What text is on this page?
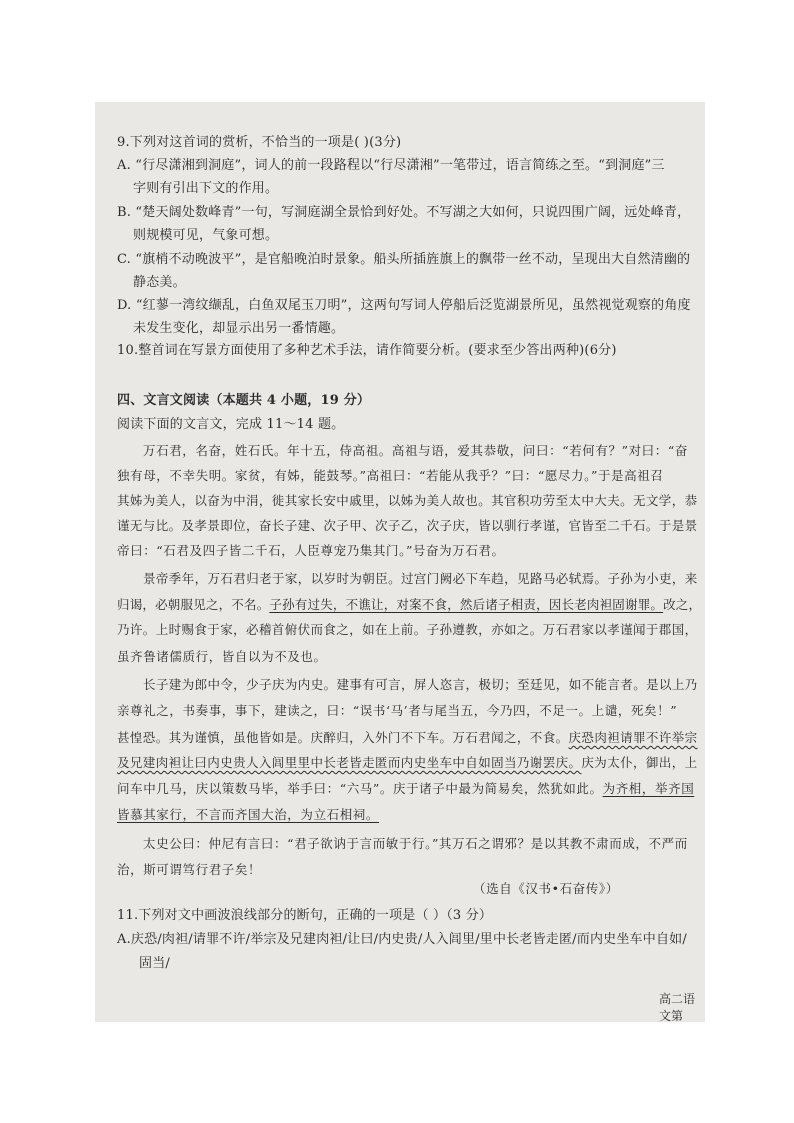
9.下列对这首词的赏析，不恰当的一项是( )(3分)
A. “行尽潇湘到洞庭”，词人的前一段路程以“行尽潇湘”一笔带过，语言简练之至。“到洞庭”三
字则有引出下文的作用。
B. “楚天阔处数峰青”一句，写洞庭湖全景恰到好处。不写湖之大如何，只说四围广阔，远处峰青，
则规模可见，气象可想。
C. “旗梢不动晚波平”，是官船晚泊时景象。船头所插旌旗上的飘带一丝不动，呈现出大自然清幽的
静态美。
D. “红蓼一湾纹缬乱，白鱼双尾玉刀明”，这两句写词人停船后泛览湖景所见，虽然视觉观察的角度
未发生变化，却显示出另一番情趣。
10.整首词在写景方面使用了多种艺术手法，请作简要分析。(要求至少答出两种)(6分)
四、文言文阅读（本题共 4 小题，19 分）
阅读下面的文言文，完成 11～14 题。
万石君，名奋，姓石氏。年十五，侍高祖。高祖与语，爱其恭敬，问曰：“若何有？”对曰：“奋
独有母，不幸失明。家贫，有姊，能鼓琴。”高祖曰：“若能从我乎？”曰：“愿尽力。”于是高祖召
其姊为美人，以奋为中涓，徙其家长安中戚里，以姊为美人故也。其官积功劳至太中大夫。无文学，恭
谨无与比。及孝景即位，奋长子建、次子甲、次子乙，次子庆，皆以驯行孝谨，官皆至二千石。于是景
帝曰：“石君及四子皆二千石，人臣尊宠乃集其门。”号奋为万石君。
景帝季年，万石君归老于家，以岁时为朝臣。过宫门阙必下车趋，见路马必轼焉。子孙为小吏，来
归谒，必朝服见之，不名。子孙有过失，不谯让，对案不食，然后诸子相责，因长老肉袒固谢罪。改之，
乃许。上时赐食于家，必稽首俯伏而食之，如在上前。子孙遵教，亦如之。万石君家以孝谨闻于郡国，
虽齐鲁诸儒质行，皆自以为不及也。
长子建为郎中令，少子庆为内史。建事有可言，屏人恣言，极切；至廷见，如不能言者。是以上乃
亲尊礼之，书奏事，事下，建读之，曰：“误书‘马’者与尾当五，今乃四，不足一。上谴，死矣！”
甚惶恐。其为谨慎，虽他皆如是。庆醉归，入外门不下车。万石君闻之，不食。庆恐肉袒请罪不许举宗
及兄建肉袒让曰内史贵人入闾里里中长老皆走匿而内史坐车中自如固当乃谢罢庆。庆为太仆，御出，上
问车中几马，庆以策数马毕，举手曰：“六马”。庆于诸子中最为简易矣，然犹如此。为齐相，举齐国
皆慕其家行，不言而齐国大治，为立石相祠。
太史公曰：仲尼有言曰：“君子欲讷于言而敏于行。”其万石之谓邪？是以其教不肃而成，不严而
治，斯可谓笃行君子矣！
（选自《汉书•石奋传》）
11.下列对文中画波浪线部分的断句，正确的一项是（ ）（3 分）
A.庆恐/肉袒/请罪不许/举宗及兄建肉袒/让曰/内史贵/人入闾里/里中长老皆走匿/而内史坐车中自如/
固当/
高二语文第
